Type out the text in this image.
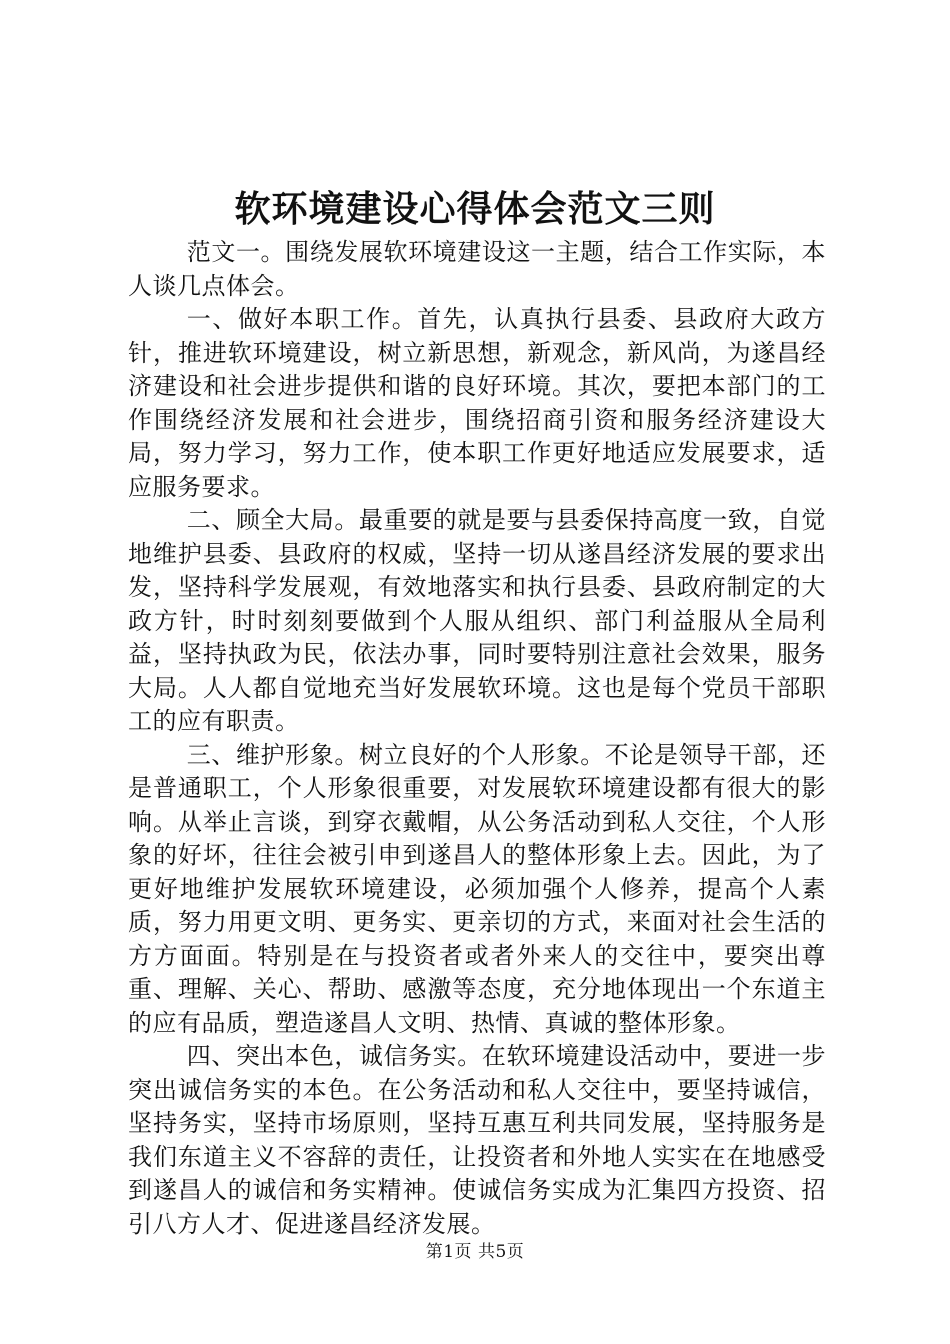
软环境建设心得体会范文三则

范文一。围绕发展软环境建设这一主题，结合工作实际，本人谈几点体会。

一、做好本职工作。首先，认真执行县委、县政府大政方针，推进软环境建设，树立新思想，新观念，新风尚，为遂昌经济建设和社会进步提供和谐的良好环境。其次，要把本部门的工作围绕经济发展和社会进步，围绕招商引资和服务经济建设大局，努力学习，努力工作，使本职工作更好地适应发展要求，适应服务要求。

二、顾全大局。最重要的就是要与县委保持高度一致，自觉地维护县委、县政府的权威，坚持一切从遂昌经济发展的要求出发，坚持科学发展观，有效地落实和执行县委、县政府制定的大政方针，时时刻刻要做到个人服从组织、部门利益服从全局利益，坚持执政为民，依法办事，同时要特别注意社会效果，服务大局。人人都自觉地充当好发展软环境。这也是每个党员干部职工的应有职责。

三、维护形象。树立良好的个人形象。不论是领导干部，还是普通职工，个人形象很重要，对发展软环境建设都有很大的影响。从举止言谈，到穿衣戴帽，从公务活动到私人交往，个人形象的好坏，往往会被引申到遂昌人的整体形象上去。因此，为了更好地维护发展软环境建设，必须加强个人修养，提高个人素质，努力用更文明、更务实、更亲切的方式，来面对社会生活的方方面面。特别是在与投资者或者外来人的交往中，要突出尊重、理解、关心、帮助、感激等态度，充分地体现出一个东道主的应有品质，塑造遂昌人文明、热情、真诚的整体形象。

四、突出本色，诚信务实。在软环境建设活动中，要进一步突出诚信务实的本色。在公务活动和私人交往中，要坚持诚信，坚持务实，坚持市场原则，坚持互惠互利共同发展，坚持服务是我们东道主义不容辞的责任，让投资者和外地人实实在在地感受到遂昌人的诚信和务实精神。使诚信务实成为汇集四方投资、招引八方人才、促进遂昌经济发展。

第1页 共5页
